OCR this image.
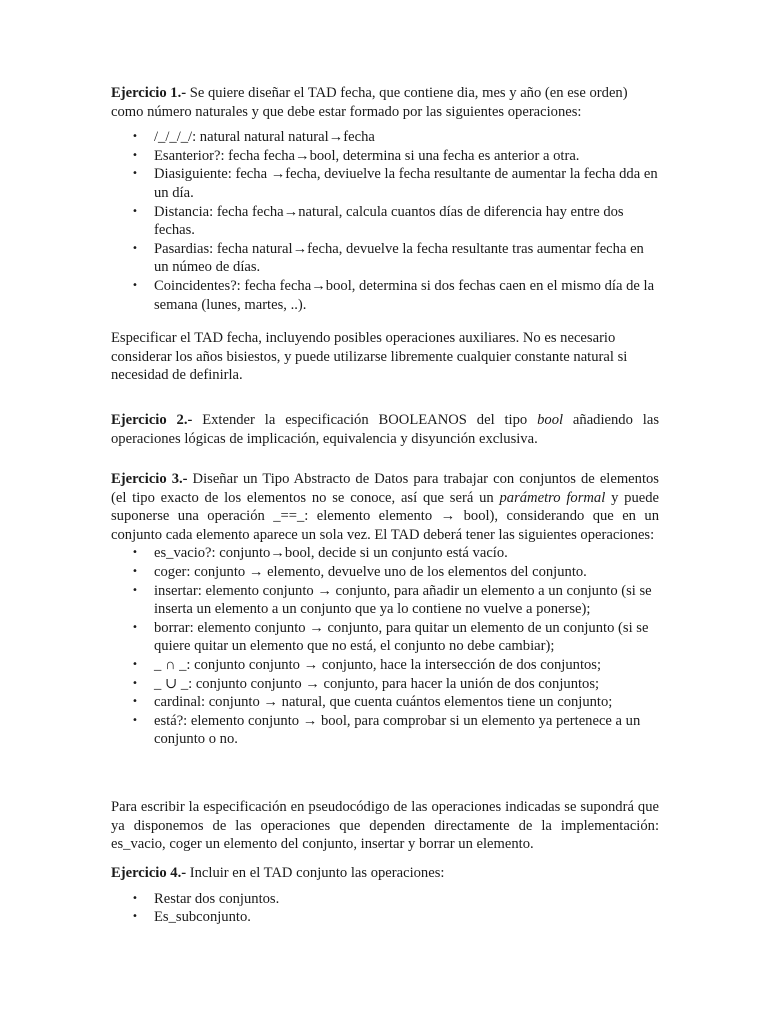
Ejercicio 1.- Se quiere diseñar el TAD fecha, que contiene dia, mes y año (en ese orden) como número naturales y que debe estar formado por las siguientes operaciones:

• /_/_/_/: natural natural natural→fecha
• Esanterior?: fecha fecha→bool, determina si una fecha es anterior a otra.
• Diasiguiente: fecha →fecha, deviuelve la fecha resultante de aumentar la fecha dda en un día.
• Distancia: fecha fecha→natural, calcula cuantos días de diferencia hay entre dos fechas.
• Pasardias: fecha natural→fecha, devuelve la fecha resultante tras aumentar fecha en un númeo de días.
• Coincidentes?: fecha fecha→bool, determina si dos fechas caen en el mismo día de la semana (lunes, martes, ..).

Especificar el TAD fecha, incluyendo posibles operaciones auxiliares. No es necesario considerar los años bisiestos, y puede utilizarse libremente cualquier constante natural si necesidad de definirla.

Ejercicio 2.- Extender la especificación BOOLEANOS del tipo bool añadiendo las operaciones lógicas de implicación, equivalencia y disyunción exclusiva.

Ejercicio 3.- Diseñar un Tipo Abstracto de Datos para trabajar con conjuntos de elementos (el tipo exacto de los elementos no se conoce, así que será un parámetro formal y puede suponerse una operación _==_: elemento elemento → bool), considerando que en un conjunto cada elemento aparece un sola vez. El TAD deberá tener las siguientes operaciones:

• es_vacio?: conjunto→bool, decide si un conjunto está vacío.
• coger: conjunto → elemento, devuelve uno de los elementos del conjunto.
• insertar: elemento conjunto → conjunto, para añadir un elemento a un conjunto (si se inserta un elemento a un conjunto que ya lo contiene no vuelve a ponerse);
• borrar: elemento conjunto → conjunto, para quitar un elemento de un conjunto (si se quiere quitar un elemento que no está, el conjunto no debe cambiar);
• _ ∩ _: conjunto conjunto → conjunto, hace la intersección de dos conjuntos;
• _ ∪ _: conjunto conjunto → conjunto, para hacer la unión de dos conjuntos;
• cardinal: conjunto → natural, que cuenta cuántos elementos tiene un conjunto;
• está?: elemento conjunto → bool, para comprobar si un elemento ya pertenece a un conjunto o no.

Para escribir la especificación en pseudocódigo de las operaciones indicadas se supondrá que ya disponemos de las operaciones que dependen directamente de la implementación: es_vacio, coger un elemento del conjunto, insertar y borrar un elemento.

Ejercicio 4.- Incluir en el TAD conjunto las operaciones:

• Restar dos conjuntos.
• Es_subconjunto.
